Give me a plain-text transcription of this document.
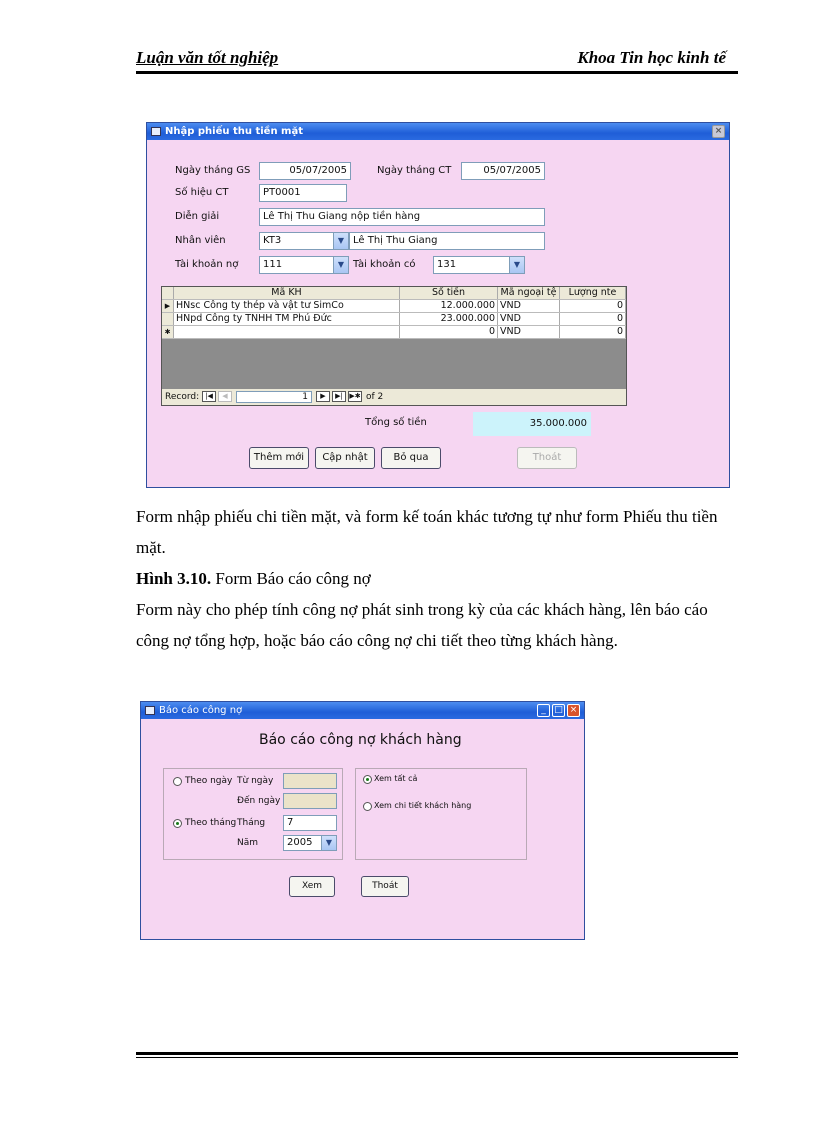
Luận văn tốt nghiệp	Khoa Tin học kinh tế
Nhập phiếu thu tiền mặt	×
Ngày tháng GS	05/07/2005	Ngày tháng CT	05/07/2005
Số hiệu CT	PT0001
Diễn giải	Lê Thị Thu Giang nộp tiền hàng
Nhân viên	KT3	▼ Lê Thị Thu Giang
Tài khoản nợ	111	▼ Tài khoản có	131	▼
Mã KH	Số tiền	Mã ngoại tệ	Lượng nte
▶ HNsc Công ty thép và vật tư SimCo	12.000.000 VND	0
HNpd Công ty TNHH TM Phú Đức	23.000.000 VND	0
✱	0 VND	0
Record: |◀	◀	1	▶	▶| ▶✱ of 2
Tổng số tiền	35.000.000
Thêm mới	Cập nhật	Bỏ qua	Thoát
Form nhập phiếu chi tiền mặt, và form kế toán khác tương tự như form Phiếu thu tiền mặt.
Hình 3.10. Form Báo cáo công nợ
Form này cho phép tính công nợ phát sinh trong kỳ của các khách hàng, lên báo cáo công nợ tổng hợp, hoặc báo cáo công nợ chi tiết theo từng khách hàng.
Báo cáo công nợ	_ □ ×
Báo cáo công nợ khách hàng
Theo ngày Từ ngày
Đến ngày
Theo tháng Tháng	7
Năm	2005	▼
Xem tất cả
Xem chi tiết khách hàng
Xem	Thoát
